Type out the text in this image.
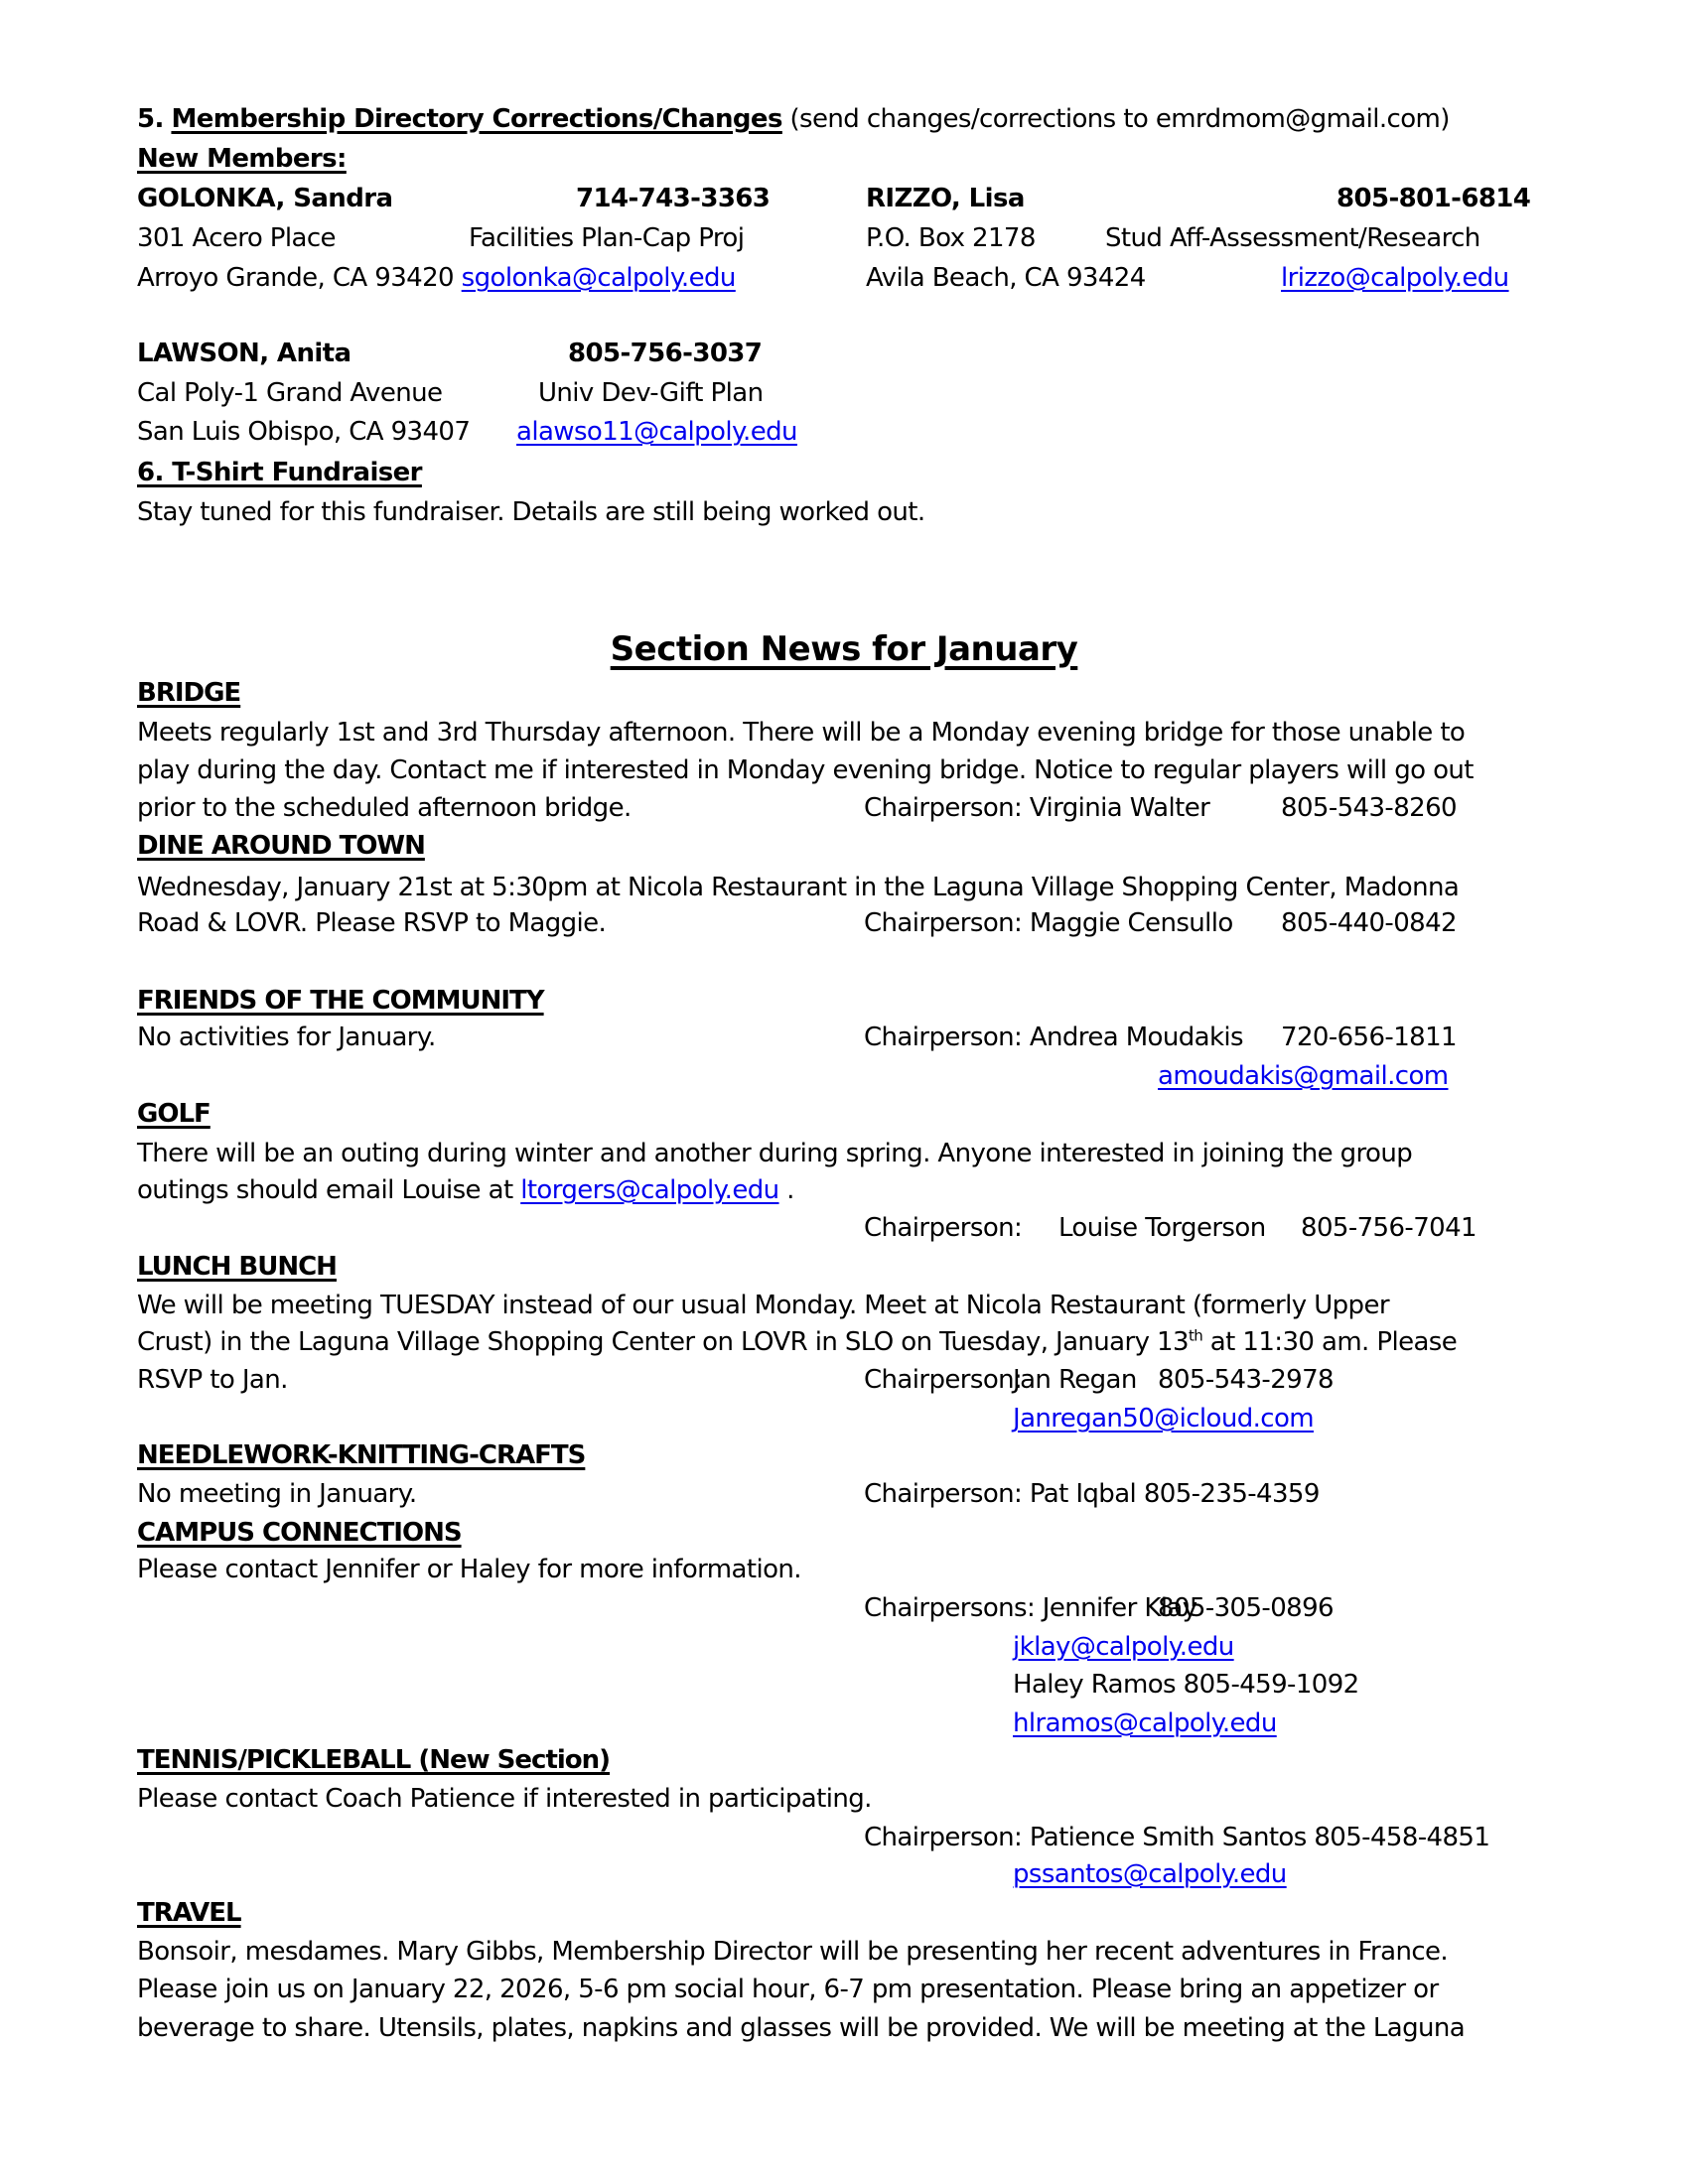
5. Membership Directory Corrections/Changes (send changes/corrections to emrdmom@gmail.com)
New Members:
GOLONKA, Sandra	714-743-3363
301 Acero Place	Facilities Plan-Cap Proj
Arroyo Grande, CA 93420 sgolonka@calpoly.edu
RIZZO, Lisa	805-801-6814
P.O. Box 2178	Stud Aff-Assessment/Research
Avila Beach, CA 93424	lrizzo@calpoly.edu
LAWSON, Anita	805-756-3037
Cal Poly-1 Grand Avenue	Univ Dev-Gift Plan
San Luis Obispo, CA 93407 alawso11@calpoly.edu
6. T-Shirt Fundraiser
Stay tuned for this fundraiser. Details are still being worked out.
Section News for January
BRIDGE
Meets regularly 1st and 3rd Thursday afternoon. There will be a Monday evening bridge for those unable to
play during the day. Contact me if interested in Monday evening bridge. Notice to regular players will go out
prior to the scheduled afternoon bridge.	Chairperson: Virginia Walter	805-543-8260
DINE AROUND TOWN
Wednesday, January 21st at 5:30pm at Nicola Restaurant in the Laguna Village Shopping Center, Madonna
Road & LOVR. Please RSVP to Maggie.	Chairperson: Maggie Censullo 805-440-0842
FRIENDS OF THE COMMUNITY
No activities for January.	Chairperson: Andrea Moudakis 720-656-1811
amoudakis@gmail.com
GOLF
There will be an outing during winter and another during spring. Anyone interested in joining the group
outings should email Louise at ltorgers@calpoly.edu .
Chairperson: Louise Torgerson 805-756-7041
LUNCH BUNCH
We will be meeting TUESDAY instead of our usual Monday. Meet at Nicola Restaurant (formerly Upper
Crust) in the Laguna Village Shopping Center on LOVR in SLO on Tuesday, January 13th at 11:30 am. Please
RSVP to Jan.	Chairperson:
Jan Regan 805-543-2978
Janregan50@icloud.com
NEEDLEWORK-KNITTING-CRAFTS
No meeting in January.	Chairperson: Pat Iqbal 805-235-4359
CAMPUS CONNECTIONS
Please contact Jennifer or Haley for more information.
Chairpersons: Jennifer Klay
805-305-0896
jklay@calpoly.edu
Haley Ramos 805-459-1092
hlramos@calpoly.edu
TENNIS/PICKLEBALL (New Section)
Please contact Coach Patience if interested in participating.
Chairperson: Patience Smith Santos 805-458-4851
pssantos@calpoly.edu
TRAVEL
Bonsoir, mesdames. Mary Gibbs, Membership Director will be presenting her recent adventures in France.
Please join us on January 22, 2026, 5-6 pm social hour, 6-7 pm presentation. Please bring an appetizer or
beverage to share. Utensils, plates, napkins and glasses will be provided. We will be meeting at the Laguna
